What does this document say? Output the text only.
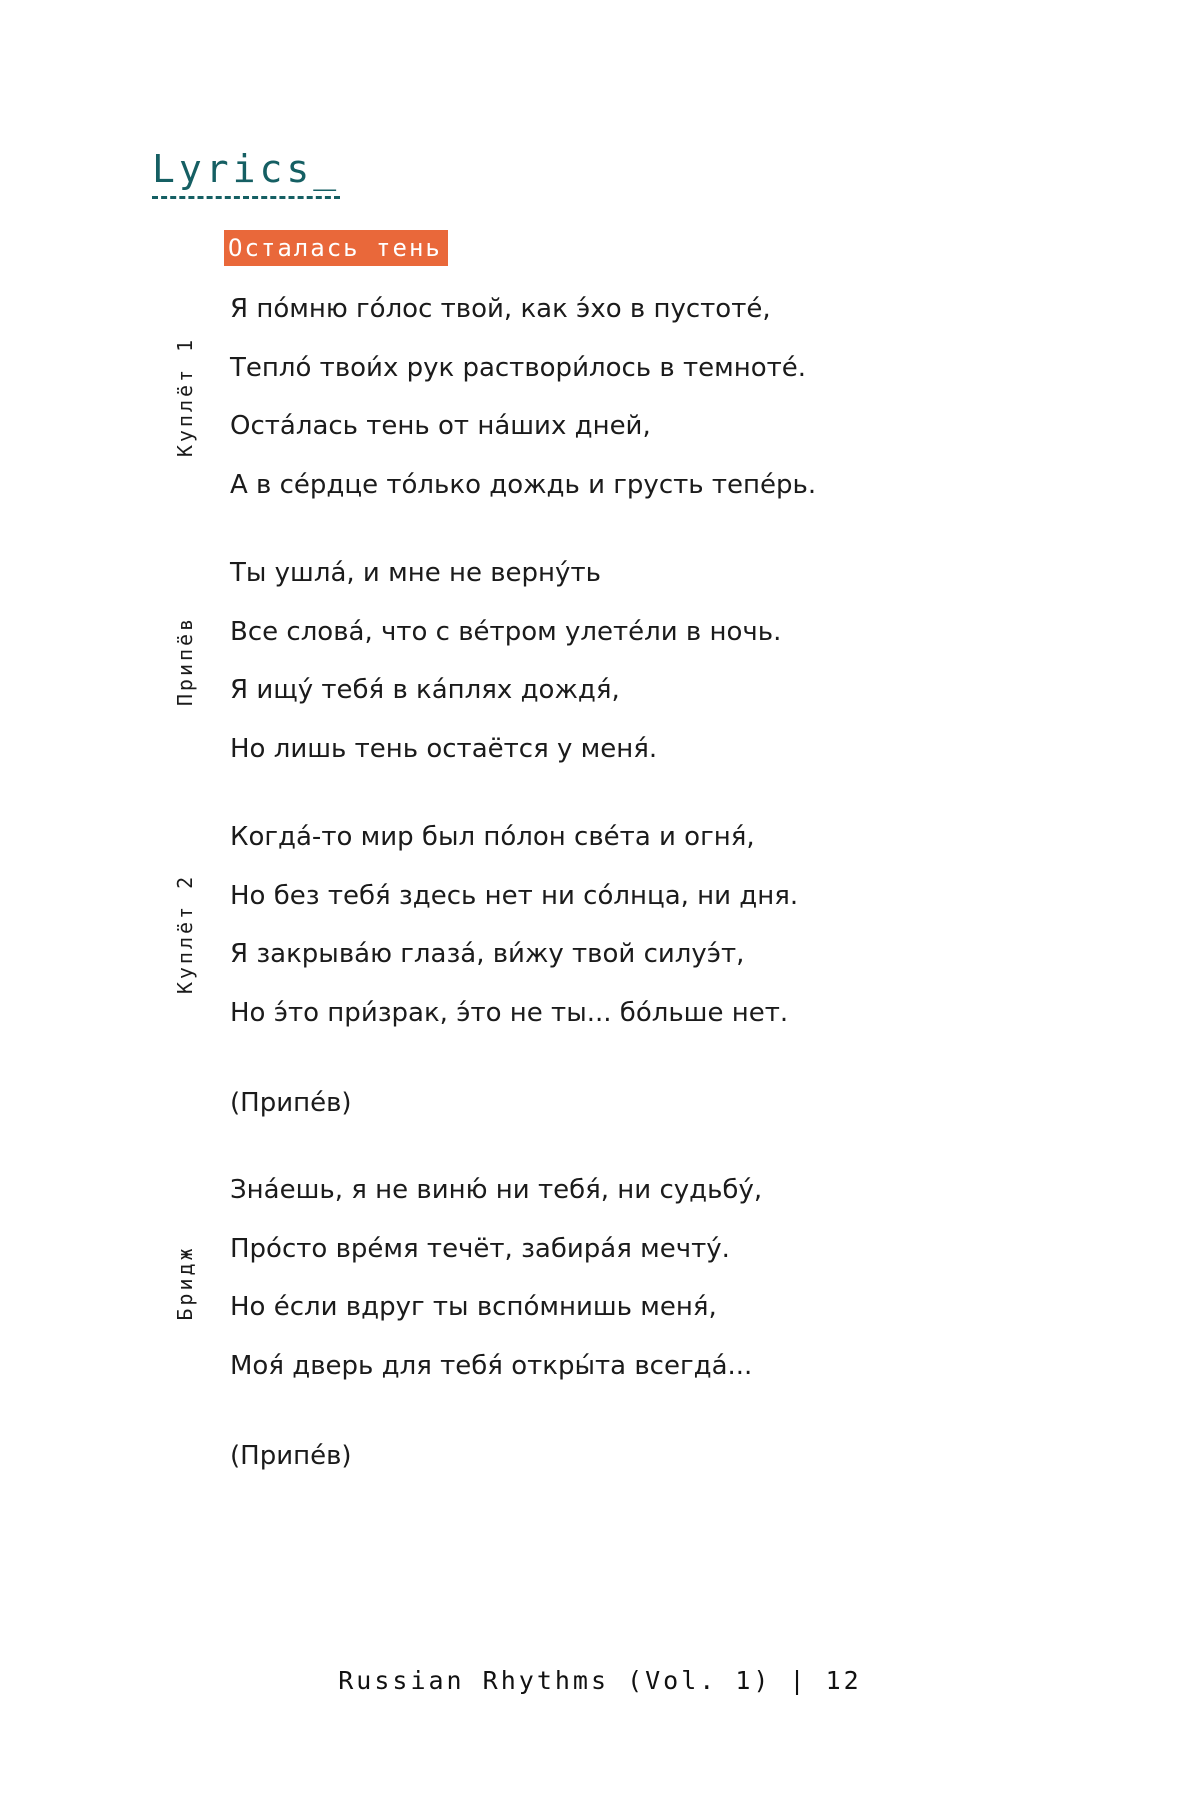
Lyrics_
Осталась тень
Куплёт 1
Я по́мню го́лос твой, как э́хо в пустоте́,
Тепло́ твои́х рук раствори́лось в темноте́.
Оста́лась тень от на́ших дней,
А в се́рдце то́лько дождь и грусть тепе́рь.
Припёв
Ты ушла́, и мне не верну́ть
Все слова́, что с ве́тром улете́ли в ночь.
Я ищу́ тебя́ в ка́плях дождя́,
Но лишь тень остаётся у меня́.
Куплёт 2
Когда́-то мир был по́лон све́та и огня́,
Но без тебя́ здесь нет ни со́лнца, ни дня.
Я закрыва́ю глаза́, ви́жу твой силуэ́т,
Но э́то при́зрак, э́то не ты... бо́льше нет.
(Припе́в)
Бридж
Зна́ешь, я не виню́ ни тебя́, ни судьбу́,
Про́сто вре́мя течёт, забира́я мечту́.
Но е́сли вдруг ты вспо́мнишь меня́,
Моя́ дверь для тебя́ откры́та всегда́...
(Припе́в)
Russian Rhythms (Vol. 1) | 12
